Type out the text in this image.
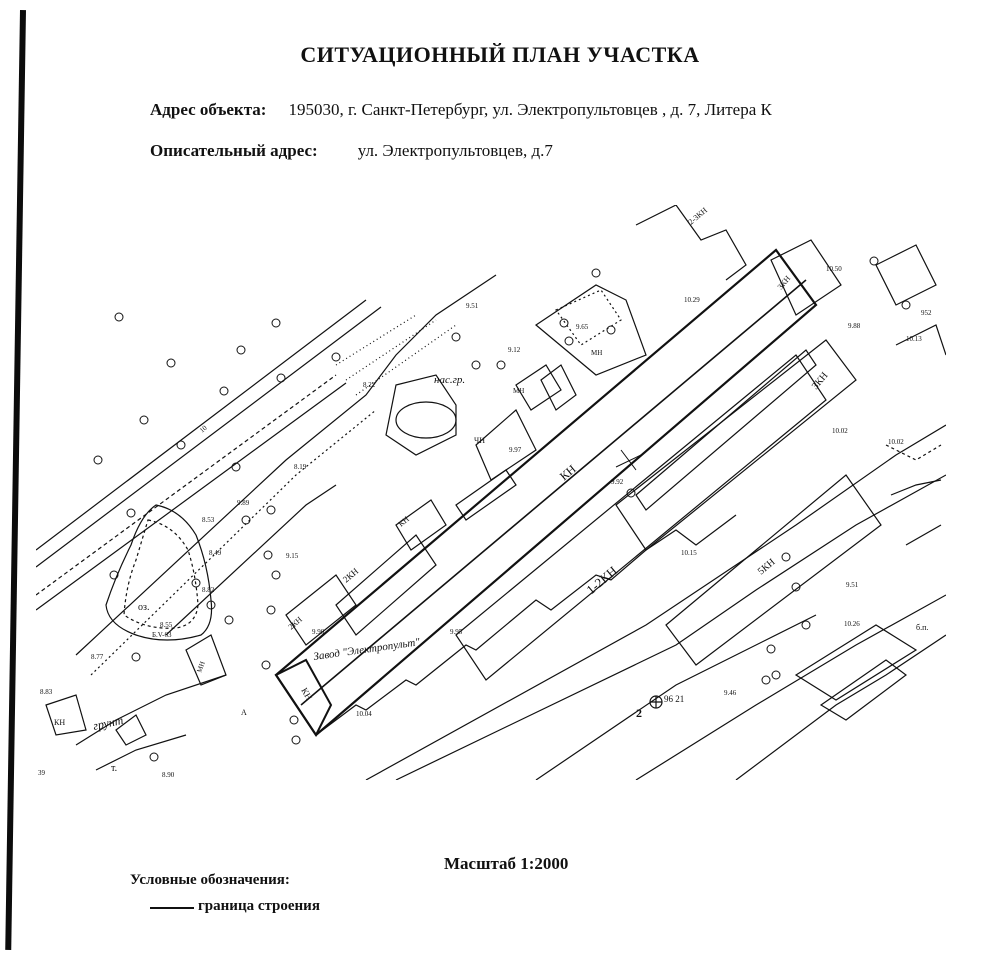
СИТУАЦИОННЫЙ ПЛАН УЧАСТКА
Адрес объекта: 195030, г. Санкт-Петербург, ул. Электропультовцев , д. 7, Литера К
Описательный адрес: ул. Электропультовцев, д.7
КН
1-2КН	5КН
3КН
2КН
2КН
КН
КН
2-3КН
3КН
ЧН
МН
МН
МН
КН
оз.
нас.гр.
Завод "Электропульт"
грунт	2
т.
б.п.
А
Б.V-63
10
10.50
10.29
9.88
10.13
952
9.65
9.12
8.22
8.19
9.97
9.92
10.02
10.02
10.15
9.51
10.26
9.46
96 21
10.04
9.95
9.90
9.15
9.89
8.53
8.49
8.82
8.55
8.77
8.83
8.90
39
9.51
Масштаб 1:2000
Условные обозначения:
граница строения
